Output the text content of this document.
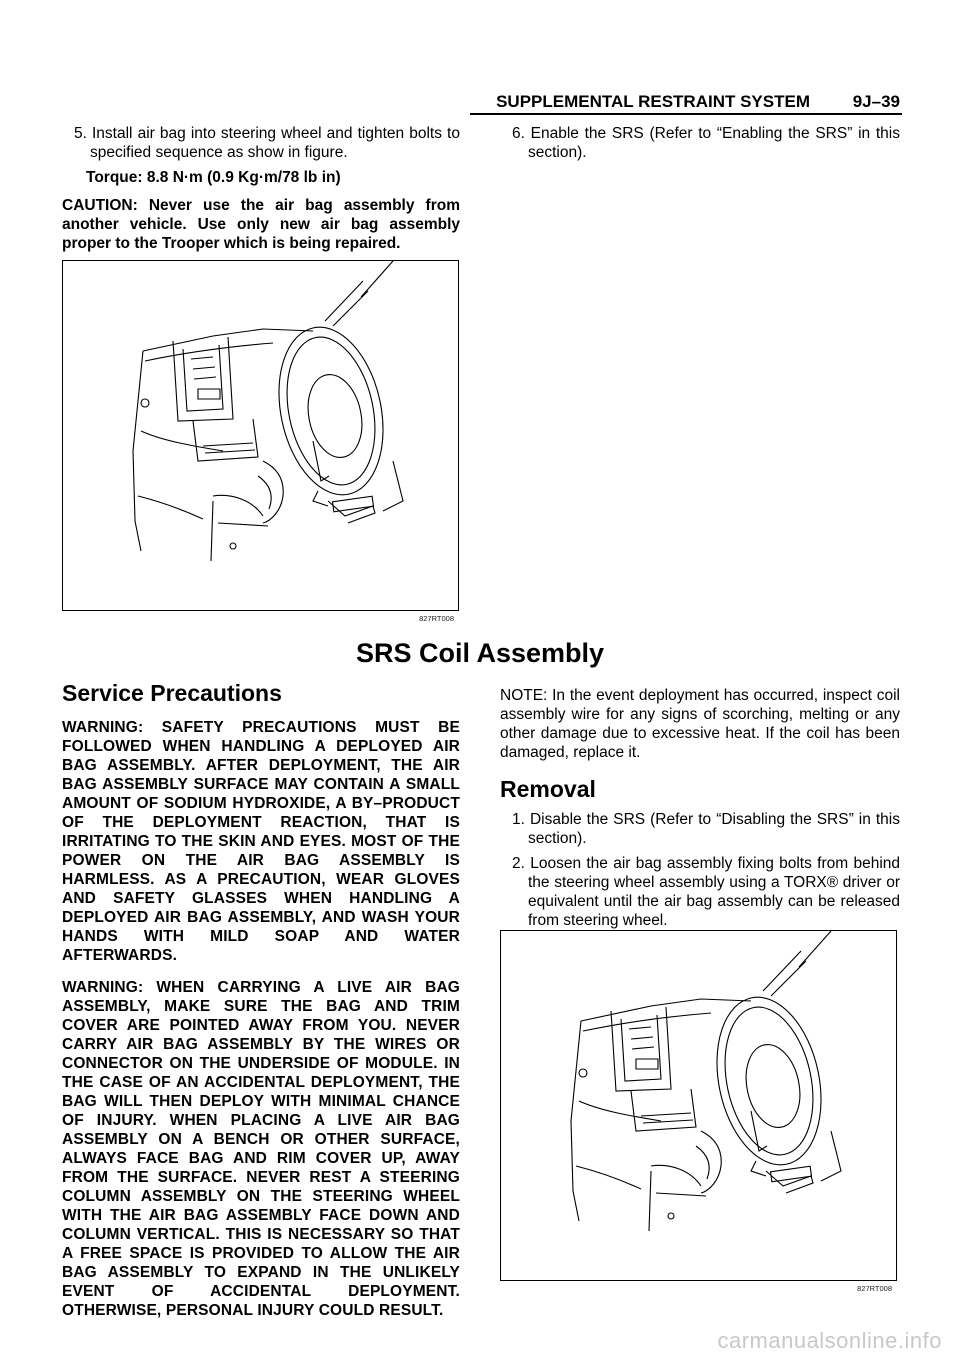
SUPPLEMENTAL RESTRAINT SYSTEM	9J–39

5. Install air bag into steering wheel and tighten bolts to specified sequence as show in figure.

Torque: 8.8 N·m (0.9 Kg·m/78 lb in)

CAUTION: Never use the air bag assembly from another vehicle. Use only new air bag assembly proper to the Trooper which is being repaired.

6. Enable the SRS (Refer to “Enabling the SRS” in this section).

827RT008
SRS Coil Assembly
Service Precautions

WARNING: SAFETY PRECAUTIONS MUST BE FOLLOWED WHEN HANDLING A DEPLOYED AIR BAG ASSEMBLY. AFTER DEPLOYMENT, THE AIR BAG ASSEMBLY SURFACE MAY CONTAIN A SMALL AMOUNT OF SODIUM HYDROXIDE, A BY–PRODUCT OF THE DEPLOYMENT REACTION, THAT IS IRRITATING TO THE SKIN AND EYES. MOST OF THE POWER ON THE AIR BAG ASSEMBLY IS HARMLESS. AS A PRECAUTION, WEAR GLOVES AND SAFETY GLASSES WHEN HANDLING A DEPLOYED AIR BAG ASSEMBLY, AND WASH YOUR HANDS WITH MILD SOAP AND WATER AFTERWARDS.

WARNING: WHEN CARRYING A LIVE AIR BAG ASSEMBLY, MAKE SURE THE BAG AND TRIM COVER ARE POINTED AWAY FROM YOU. NEVER CARRY AIR BAG ASSEMBLY BY THE WIRES OR CONNECTOR ON THE UNDERSIDE OF MODULE. IN THE CASE OF AN ACCIDENTAL DEPLOYMENT, THE BAG WILL THEN DEPLOY WITH MINIMAL CHANCE OF INJURY. WHEN PLACING A LIVE AIR BAG ASSEMBLY ON A BENCH OR OTHER SURFACE, ALWAYS FACE BAG AND RIM COVER UP, AWAY FROM THE SURFACE. NEVER REST A STEERING COLUMN ASSEMBLY ON THE STEERING WHEEL WITH THE AIR BAG ASSEMBLY FACE DOWN AND COLUMN VERTICAL. THIS IS NECESSARY SO THAT A FREE SPACE IS PROVIDED TO ALLOW THE AIR BAG ASSEMBLY TO EXPAND IN THE UNLIKELY EVENT OF ACCIDENTAL DEPLOYMENT. OTHERWISE, PERSONAL INJURY COULD RESULT.

NOTE: In the event deployment has occurred, inspect coil assembly wire for any signs of scorching, melting or any other damage due to excessive heat. If the coil has been damaged, replace it.

Removal

1. Disable the SRS (Refer to “Disabling the SRS” in this section).

2. Loosen the air bag assembly fixing bolts from behind the steering wheel assembly using a TORX® driver or equivalent until the air bag assembly can be released from steering wheel.

827RT008
carmanualsonline.info
